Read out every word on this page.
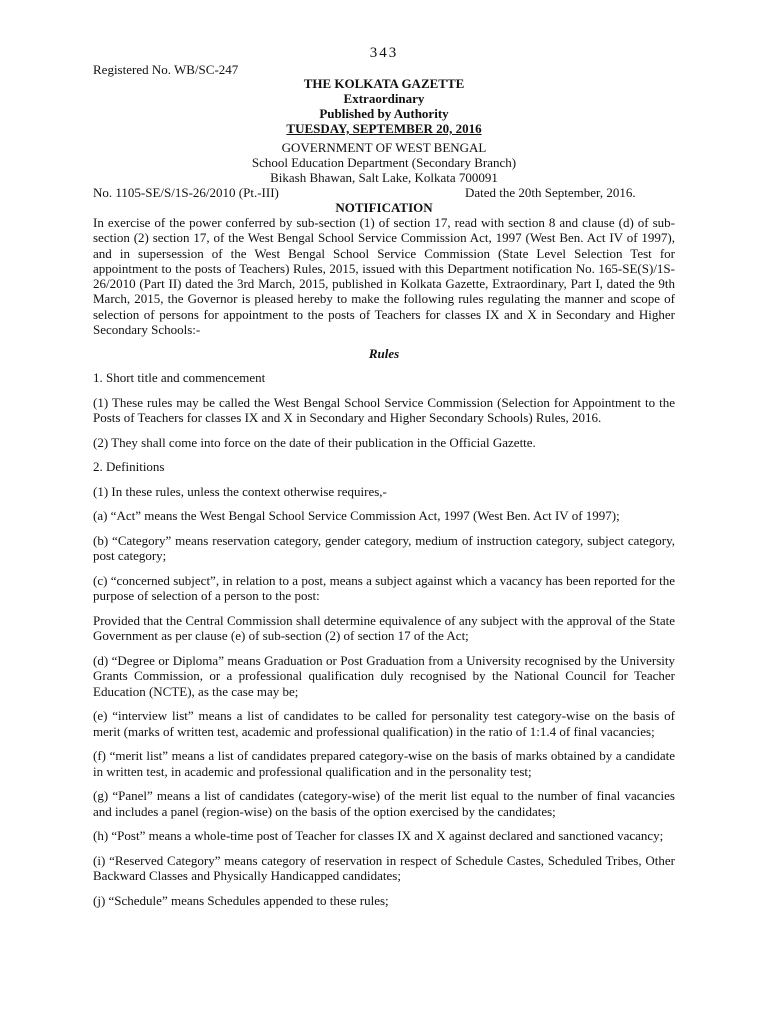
343
Registered No. WB/SC-247
THE KOLKATA GAZETTE
Extraordinary
Published by Authority
TUESDAY, SEPTEMBER 20, 2016
GOVERNMENT OF WEST BENGAL
School Education Department (Secondary Branch)
Bikash Bhawan, Salt Lake, Kolkata 700091
No. 1105-SE/S/1S-26/2010 (Pt.-III)	Dated the 20th September, 2016.
NOTIFICATION

In exercise of the power conferred by sub-section (1) of section 17, read with section 8 and clause (d) of sub-section (2) section 17, of the West Bengal School Service Commission Act, 1997 (West Ben. Act IV of 1997), and in supersession of the West Bengal School Service Commission (State Level Selection Test for appointment to the posts of Teachers) Rules, 2015, issued with this Department notification No. 165-SE(S)/1S-26/2010 (Part II) dated the 3rd March, 2015, published in Kolkata Gazette, Extraordinary, Part I, dated the 9th March, 2015, the Governor is pleased hereby to make the following rules regulating the manner and scope of selection of persons for appointment to the posts of Teachers for classes IX and X in Secondary and Higher Secondary Schools:-

Rules

1. Short title and commencement

(1) These rules may be called the West Bengal School Service Commission (Selection for Appointment to the Posts of Teachers for classes IX and X in Secondary and Higher Secondary Schools) Rules, 2016.

(2) They shall come into force on the date of their publication in the Official Gazette.

2. Definitions

(1) In these rules, unless the context otherwise requires,-

(a) “Act” means the West Bengal School Service Commission Act, 1997 (West Ben. Act IV of 1997);

(b) “Category” means reservation category, gender category, medium of instruction category, subject category, post category;

(c) “concerned subject”, in relation to a post, means a subject against which a vacancy has been reported for the purpose of selection of a person to the post:

Provided that the Central Commission shall determine equivalence of any subject with the approval of the State Government as per clause (e) of sub-section (2) of section 17 of the Act;

(d) “Degree or Diploma” means Graduation or Post Graduation from a University recognised by the University Grants Commission, or a professional qualification duly recognised by the National Council for Teacher Education (NCTE), as the case may be;

(e) “interview list” means a list of candidates to be called for personality test category-wise on the basis of merit (marks of written test, academic and professional qualification) in the ratio of 1:1.4 of final vacancies;

(f) “merit list” means a list of candidates prepared category-wise on the basis of marks obtained by a candidate in written test, in academic and professional qualification and in the personality test;

(g) “Panel” means a list of candidates (category-wise) of the merit list equal to the number of final vacancies and includes a panel (region-wise) on the basis of the option exercised by the candidates;

(h) “Post” means a whole-time post of Teacher for classes IX and X against declared and sanctioned vacancy;

(i) “Reserved Category” means category of reservation in respect of Schedule Castes, Scheduled Tribes, Other Backward Classes and Physically Handicapped candidates;

(j) “Schedule” means Schedules appended to these rules;
